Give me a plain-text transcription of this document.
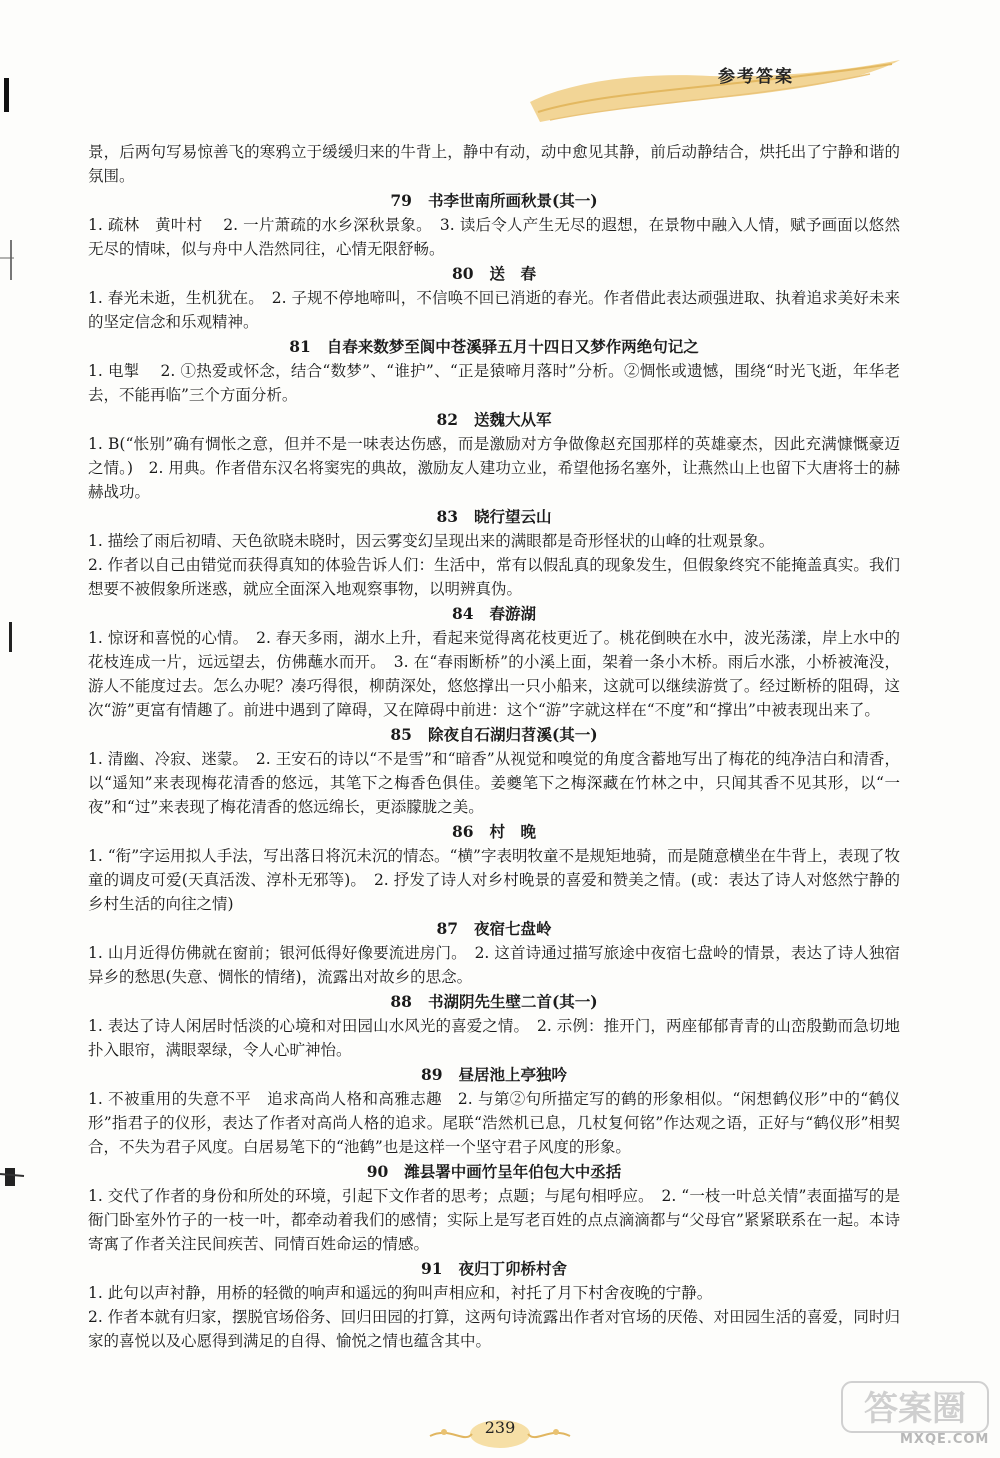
参考答案

景，后两句写易惊善飞的寒鸦立于缓缓归来的牛背上，静中有动，动中愈见其静，前后动静结合，烘托出了宁静和谐的氛围。

79 书李世南所画秋景(其一)

1. 疏林　黄叶村　 2. 一片萧疏的水乡深秋景象。　3. 读后令人产生无尽的遐想，在景物中融入人情，赋予画面以悠然无尽的情味，似与舟中人浩然同往，心情无限舒畅。

80 送　春

1. 春光未逝，生机犹在。　2. 子规不停地啼叫，不信唤不回已消逝的春光。作者借此表达顽强进取、执着追求美好未来的坚定信念和乐观精神。

81 自春来数梦至阆中苍溪驿五月十四日又梦作两绝句记之

1. 电掣　 2. ①热爱或怀念，结合“数梦”、“谁护”、“正是猿啼月落时”分析。②惆怅或遗憾，围绕“时光飞逝，年华老去，不能再临”三个方面分析。

82 送魏大从军

1. B(“怅别”确有惆怅之意，但并不是一味表达伤感，而是激励对方争做像赵充国那样的英雄豪杰，因此充满慷慨豪迈之情。)　2. 用典。作者借东汉名将窦宪的典故，激励友人建功立业，希望他扬名塞外，让燕然山上也留下大唐将士的赫赫战功。

83 晓行望云山

1. 描绘了雨后初晴、天色欲晓未晓时，因云雾变幻呈现出来的满眼都是奇形怪状的山峰的壮观景象。

2. 作者以自己由错觉而获得真知的体验告诉人们：生活中，常有以假乱真的现象发生，但假象终究不能掩盖真实。我们想要不被假象所迷惑，就应全面深入地观察事物，以明辨真伪。

84 春游湖

1. 惊讶和喜悦的心情。　2. 春天多雨，湖水上升，看起来觉得离花枝更近了。桃花倒映在水中，波光荡漾，岸上水中的花枝连成一片，远远望去，仿佛蘸水而开。　3. 在“春雨断桥”的小溪上面，架着一条小木桥。雨后水涨，小桥被淹没，游人不能度过去。怎么办呢？凑巧得很，柳荫深处，悠悠撑出一只小船来，这就可以继续游赏了。经过断桥的阻碍，这次“游”更富有情趣了。前进中遇到了障碍，又在障碍中前进：这个“游”字就这样在“不度”和“撑出”中被表现出来了。

85 除夜自石湖归苕溪(其一)

1. 清幽、冷寂、迷蒙。　2. 王安石的诗以“不是雪”和“暗香”从视觉和嗅觉的角度含蓄地写出了梅花的纯净洁白和清香，以“遥知”来表现梅花清香的悠远，其笔下之梅香色俱佳。姜夔笔下之梅深藏在竹林之中，只闻其香不见其形，以“一夜”和“过”来表现了梅花清香的悠远绵长，更添朦胧之美。

86 村　晚

1. “衔”字运用拟人手法，写出落日将沉未沉的情态。“横”字表明牧童不是规矩地骑，而是随意横坐在牛背上，表现了牧童的调皮可爱(天真活泼、淳朴无邪等)。　2. 抒发了诗人对乡村晚景的喜爱和赞美之情。(或：表达了诗人对悠然宁静的乡村生活的向往之情)

87 夜宿七盘岭

1. 山月近得仿佛就在窗前；银河低得好像要流进房门。　2. 这首诗通过描写旅途中夜宿七盘岭的情景，表达了诗人独宿异乡的愁思(失意、惆怅的情绪)，流露出对故乡的思念。

88 书湖阴先生壁二首(其一)

1. 表达了诗人闲居时恬淡的心境和对田园山水风光的喜爱之情。　2. 示例：推开门，两座郁郁青青的山峦殷勤而急切地扑入眼帘，满眼翠绿，令人心旷神怡。

89 昼居池上亭独吟

1. 不被重用的失意不平　追求高尚人格和高雅志趣　2. 与第②句所描定写的鹤的形象相似。“闲想鹤仪形”中的“鹤仪形”指君子的仪形，表达了作者对高尚人格的追求。尾联“浩然机已息，几杖复何铭”作达观之语，正好与“鹤仪形”相契合，不失为君子风度。白居易笔下的“池鹤”也是这样一个坚守君子风度的形象。

90 潍县署中画竹呈年伯包大中丞括

1. 交代了作者的身份和所处的环境，引起下文作者的思考；点题；与尾句相呼应。　2. “一枝一叶总关情”表面描写的是衙门卧室外竹子的一枝一叶，都牵动着我们的感情；实际上是写老百姓的点点滴滴都与“父母官”紧紧联系在一起。本诗寄寓了作者关注民间疾苦、同情百姓命运的情感。

91 夜归丁卯桥村舍

1. 此句以声衬静，用桥的轻微的响声和遥远的狗叫声相应和，衬托了月下村舍夜晚的宁静。

2. 作者本就有归家，摆脱官场俗务、回归田园的打算，这两句诗流露出作者对官场的厌倦、对田园生活的喜爱，同时归家的喜悦以及心愿得到满足的自得、愉悦之情也蕴含其中。

239	答案圈
MXQE.COM
